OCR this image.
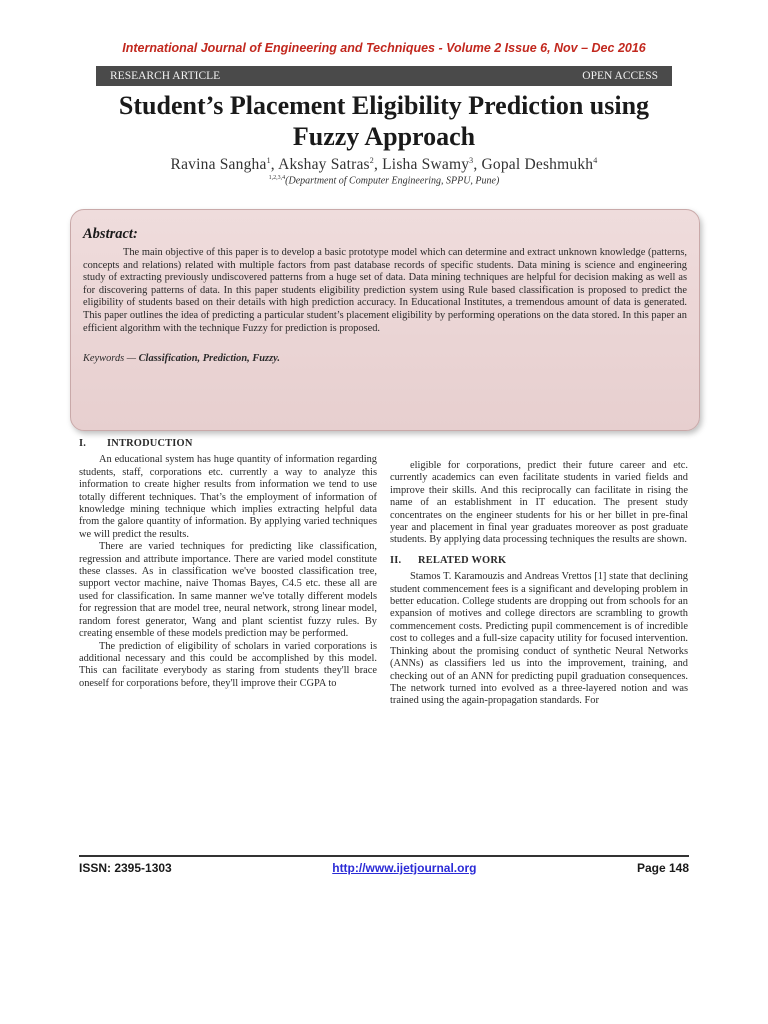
International Journal of Engineering and Techniques - Volume 2 Issue 6, Nov – Dec 2016
RESEARCH ARTICLE	OPEN ACCESS
Student’s Placement Eligibility Prediction using
Fuzzy Approach
Ravina Sangha$^1$, Akshay Satras$^2$, Lisha Swamy$^3$, Gopal Deshmukh$^4$
$^{1,2,3,4}$(Department of Computer Engineering, SPPU, Pune)
Abstract:

The main objective of this paper is to develop a basic prototype model which can determine and extract unknown knowledge (patterns, concepts and relations) related with multiple factors from past database records of specific students. Data mining is science and engineering study of extracting previously undiscovered patterns from a huge set of data. Data mining techniques are helpful for decision making as well as for discovering patterns of data. In this paper students eligibility prediction system using Rule based classification is proposed to predict the eligibility of students based on their details with high prediction accuracy. In Educational Institutes, a tremendous amount of data is generated. This paper outlines the idea of predicting a particular student’s placement eligibility by performing operations on the data stored. In this paper an efficient algorithm with the technique Fuzzy for prediction is proposed.

Keywords — Classification, Prediction, Fuzzy.
I. INTRODUCTION

An educational system has huge quantity of information regarding students, staff, corporations etc. currently a way to analyze this information to create higher results from information we tend to use totally different techniques. That’s the employment of information of knowledge mining technique which implies extracting helpful data from the galore quantity of information. By applying varied techniques we will predict the results.

There are varied techniques for predicting like classification, regression and attribute importance. There are varied model constitute these classes. As in classification we've boosted classification tree, support vector machine, naive Thomas Bayes, C4.5 etc. these all are used for classification. In same manner we've totally different models for regression that are model tree, neural network, strong linear model, random forest generator, Wang and plant scientist fuzzy rules. By creating ensemble of these models prediction may be performed.

The prediction of eligibility of scholars in varied corporations is additional necessary and this could be accomplished by this model. This can facilitate everybody as staring from students they'll brace oneself for corporations before, they'll improve their CGPA to

eligible for corporations, predict their future career and etc. currently academics can even facilitate students in varied fields and improve their skills. And this reciprocally can facilitate in rising the name of an establishment in IT education. The present study concentrates on the engineer students for his or her billet in pre-final year and placement in final year graduates moreover as post graduate students. By applying data processing techniques the results are shown.

II. RELATED WORK

Stamos T. Karamouzis and Andreas Vrettos [1] state that declining student commencement fees is a significant and developing problem in better education. College students are dropping out from schools for an expansion of motives and college directors are scrambling to growth commencement costs. Predicting pupil commencement is of incredible cost to colleges and a full-size capacity utility for focused intervention. Thinking about the promising conduct of synthetic Neural Networks (ANNs) as classifiers led us into the improvement, training, and checking out of an ANN for predicting pupil graduation consequences. The network turned into evolved as a three-layered notion and was trained using the again-propagation standards. For

ISSN: 2395-1303	http://www.ijetjournal.org	Page 148
